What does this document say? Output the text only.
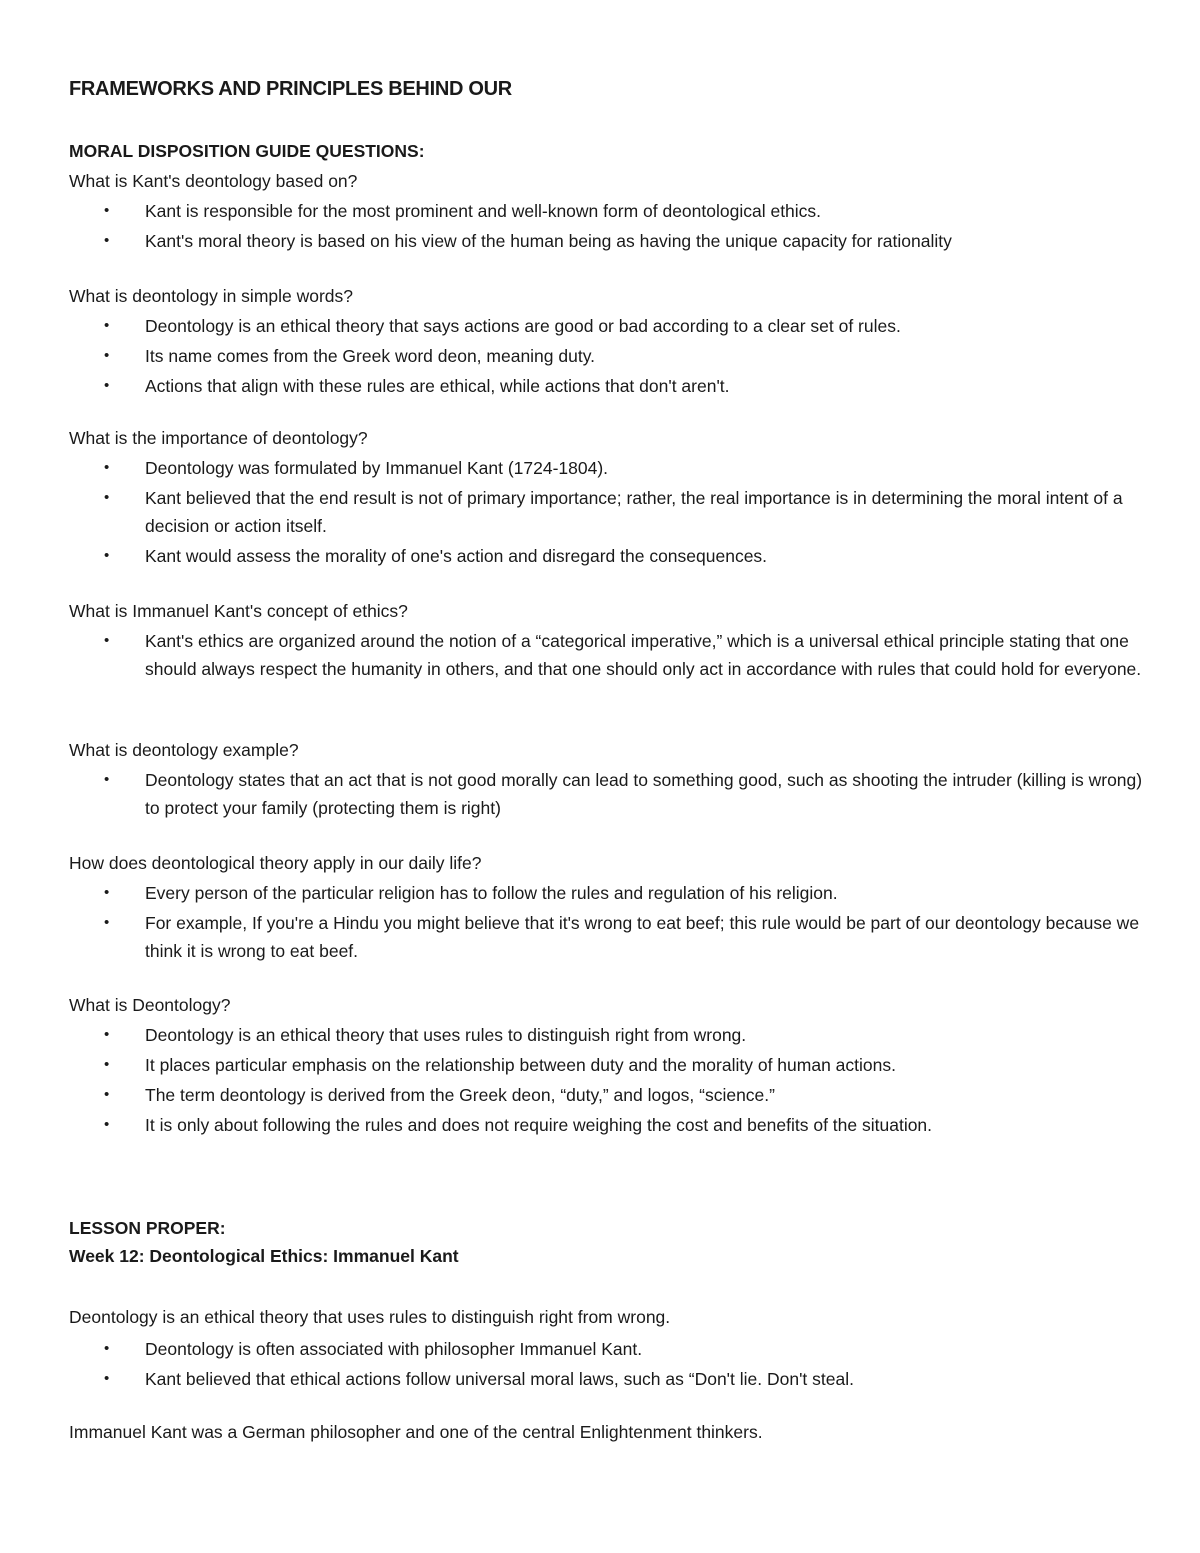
FRAMEWORKS AND PRINCIPLES BEHIND OUR
MORAL DISPOSITION GUIDE QUESTIONS:

What is Kant's deontology based on?

• Kant is responsible for the most prominent and well-known form of deontological ethics.
• Kant's moral theory is based on his view of the human being as having the unique capacity for rationality

What is deontology in simple words?

• Deontology is an ethical theory that says actions are good or bad according to a clear set of rules.
• Its name comes from the Greek word deon, meaning duty.
• Actions that align with these rules are ethical, while actions that don't aren't.

What is the importance of deontology?

• Deontology was formulated by Immanuel Kant (1724-1804).
• Kant believed that the end result is not of primary importance; rather, the real importance is in determining the moral intent of a decision or action itself.
• Kant would assess the morality of one's action and disregard the consequences.

What is Immanuel Kant's concept of ethics?

• Kant's ethics are organized around the notion of a “categorical imperative,” which is a universal ethical principle stating that one should always respect the humanity in others, and that one should only act in accordance with rules that could hold for everyone.

What is deontology example?

• Deontology states that an act that is not good morally can lead to something good, such as shooting the intruder (killing is wrong) to protect your family (protecting them is right)

How does deontological theory apply in our daily life?

• Every person of the particular religion has to follow the rules and regulation of his religion.
• For example, If you're a Hindu you might believe that it's wrong to eat beef; this rule would be part of our deontology because we think it is wrong to eat beef.

What is Deontology?

• Deontology is an ethical theory that uses rules to distinguish right from wrong.
• It places particular emphasis on the relationship between duty and the morality of human actions.
• The term deontology is derived from the Greek deon, “duty,” and logos, “science.”
• It is only about following the rules and does not require weighing the cost and benefits of the situation.
LESSON PROPER:
Week 12: Deontological Ethics: Immanuel Kant

Deontology is an ethical theory that uses rules to distinguish right from wrong.

• Deontology is often associated with philosopher Immanuel Kant.
• Kant believed that ethical actions follow universal moral laws, such as “Don't lie. Don't steal.

Immanuel Kant was a German philosopher and one of the central Enlightenment thinkers.
